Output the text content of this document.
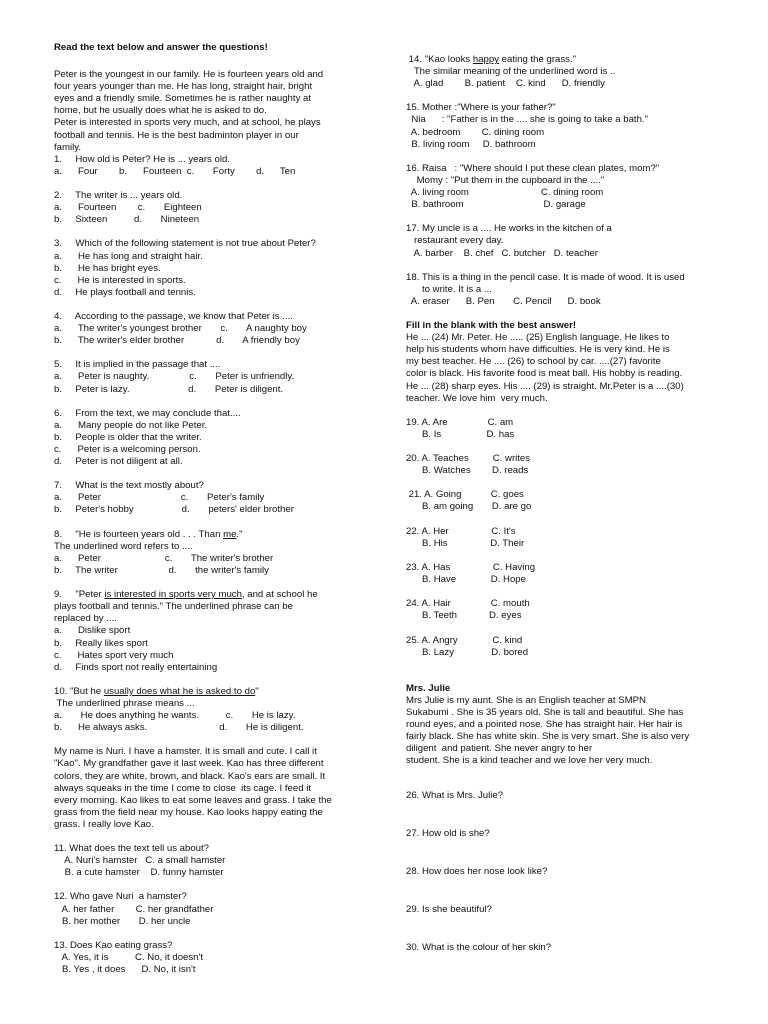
Read the text below and answer the questions!
Peter is the youngest in our family. He is fourteen years old and
four years younger than me. He has long, straight hair, bright
eyes and a friendly smile. Sometimes he is rather naughty at
home, but he usually does what he is asked to do.
Peter is interested in sports very much, and at school, he plays
football and tennis. He is the best badminton player in our
family.
1.     How old is Peter? He is ... years old.
a.      Four        b.      Fourteen  c.       Forty        d.      Ten
2.     The writer is ... years old.
a.      Fourteen        c.       Eighteen
b.     Sixteen          d.       Nineteen
3.     Which of the following statement is not true about Peter?
a.      He has long and straight hair.
b.      He has bright eyes.
c.      He is interested in sports.
d.     He plays football and tennis.
4.     According to the passage, we know that Peter is ....
a.      The writer's youngest brother       c.       A naughty boy
b.      The writer's elder brother            d.       A friendly boy
5.     It is implied in the passage that ....
a.      Peter is naughty.               c.       Peter is unfriendly.
b.     Peter is lazy.                      d.       Peter is diligent.
6.     From the text, we may conclude that....
a.      Many people do not like Peter.
b.     People is older that the writer.
c.      Peter is a welcoming person.
d.     Peter is not diligent at all.
7.     What is the text mostly about?
a.      Peter                              c.       Peter's family
b.     Peter's hobby                  d.       peters' elder brother
8.     "He is fourteen years old . . . Than me."
The underlined word refers to ....
a.      Peter                        c.       The writer's brother
b.     The writer                   d.       the writer's family
9.     "Peter is interested in sports very much, and at school he
plays football and tennis." The underlined phrase can be
replaced by ....
a.      Dislike sport
b.     Really likes sport
c.      Hates sport very much
d.     Finds sport not really entertaining
10. "But he usually does what he is asked to do"
The underlined phrase means ...
a.       He does anything he wants.          c.       He is lazy.
b.      He always asks.                           d.       He is diligent.
My name is Nuri. I have a hamster. It is small and cute. I call it
"Kao". My grandfather gave it last week. Kao has three different
colors, they are white, brown, and black. Kao's ears are small. It
always squeaks in the time I come to close  its cage. I feed it
every morning. Kao likes to eat some leaves and grass. I take the
grass from the field near my house. Kao looks happy eating the
grass. I really love Kao.
11. What does the text tell us about?
A. Nuri's hamster   C. a small hamster
B. a cute hamster    D. funny hamster
12. Who gave Nuri  a hamster?
A. her father        C. her grandfather
B. her mother       D. her uncle
13. Does Kao eating grass?
A. Yes, it is          C. No, it doesn't
B. Yes , it does      D. No, it isn't
14. "Kao looks happy eating the grass."
The similar meaning of the underlined word is ..
A. glad        B. patient    C. kind      D. friendly
15. Mother :"Where is your father?"
Nia      : "Father is in the .... she is going to take a bath."
A. bedroom        C. dining room
B. living room     D. bathroom
16. Raisa   : "Where should I put these clean plates, mom?"
Momy : "Put them in the cupboard in the ...."
A. living room                           C. dining room
B. bathroom                              D. garage
17. My uncle is a .... He works in the kitchen of a
restaurant every day.
A. barber    B. chef   C. butcher   D. teacher
18. This is a thing in the pencil case. It is made of wood. It is used
to write. It is a ...
A. eraser      B. Pen       C. Pencil      D. book
Fill in the blank with the best answer!
He ... (24) Mr. Peter. He ..... (25) English language. He likes to
help his students whom have difficulties. He is very kind. He is
my best teacher. He .... (26) to school by car. ....(27) favorite
color is black. His favorite food is meat ball. His hobby is reading.
He ... (28) sharp eyes. His .... (29) is straight. Mr.Peter is a ....(30)
teacher. We love him  very much.
19. A. Are               C. am
B. Is                 D. has
20. A. Teaches         C. writes
B. Watches        D. reads
21. A. Going           C. goes
B. am going       D. are go
22. A. Her                C. It's
B. His                D. Their
23. A. Has                C. Having
B. Have             D. Hope
24. A. Hair               C. mouth
B. Teeth            D. eyes
25. A. Angry             C. kind
B. Lazy              D. bored
Mrs. Julie
Mrs Julie is my aunt. She is an English teacher at SMPN
Sukabumi . She is 35 years old. She is tall and beautiful. She has
round eyes, and a pointed nose. She has straight hair. Her hair is
fairly black. She has white skin. She is very smart. She is also very
diligent  and patient. She never angry to her
student. She is a kind teacher and we love her very much.
26. What is Mrs. Julie?
27. How old is she?
28. How does her nose look like?
29. Is she beautiful?
30. What is the colour of her skin?
